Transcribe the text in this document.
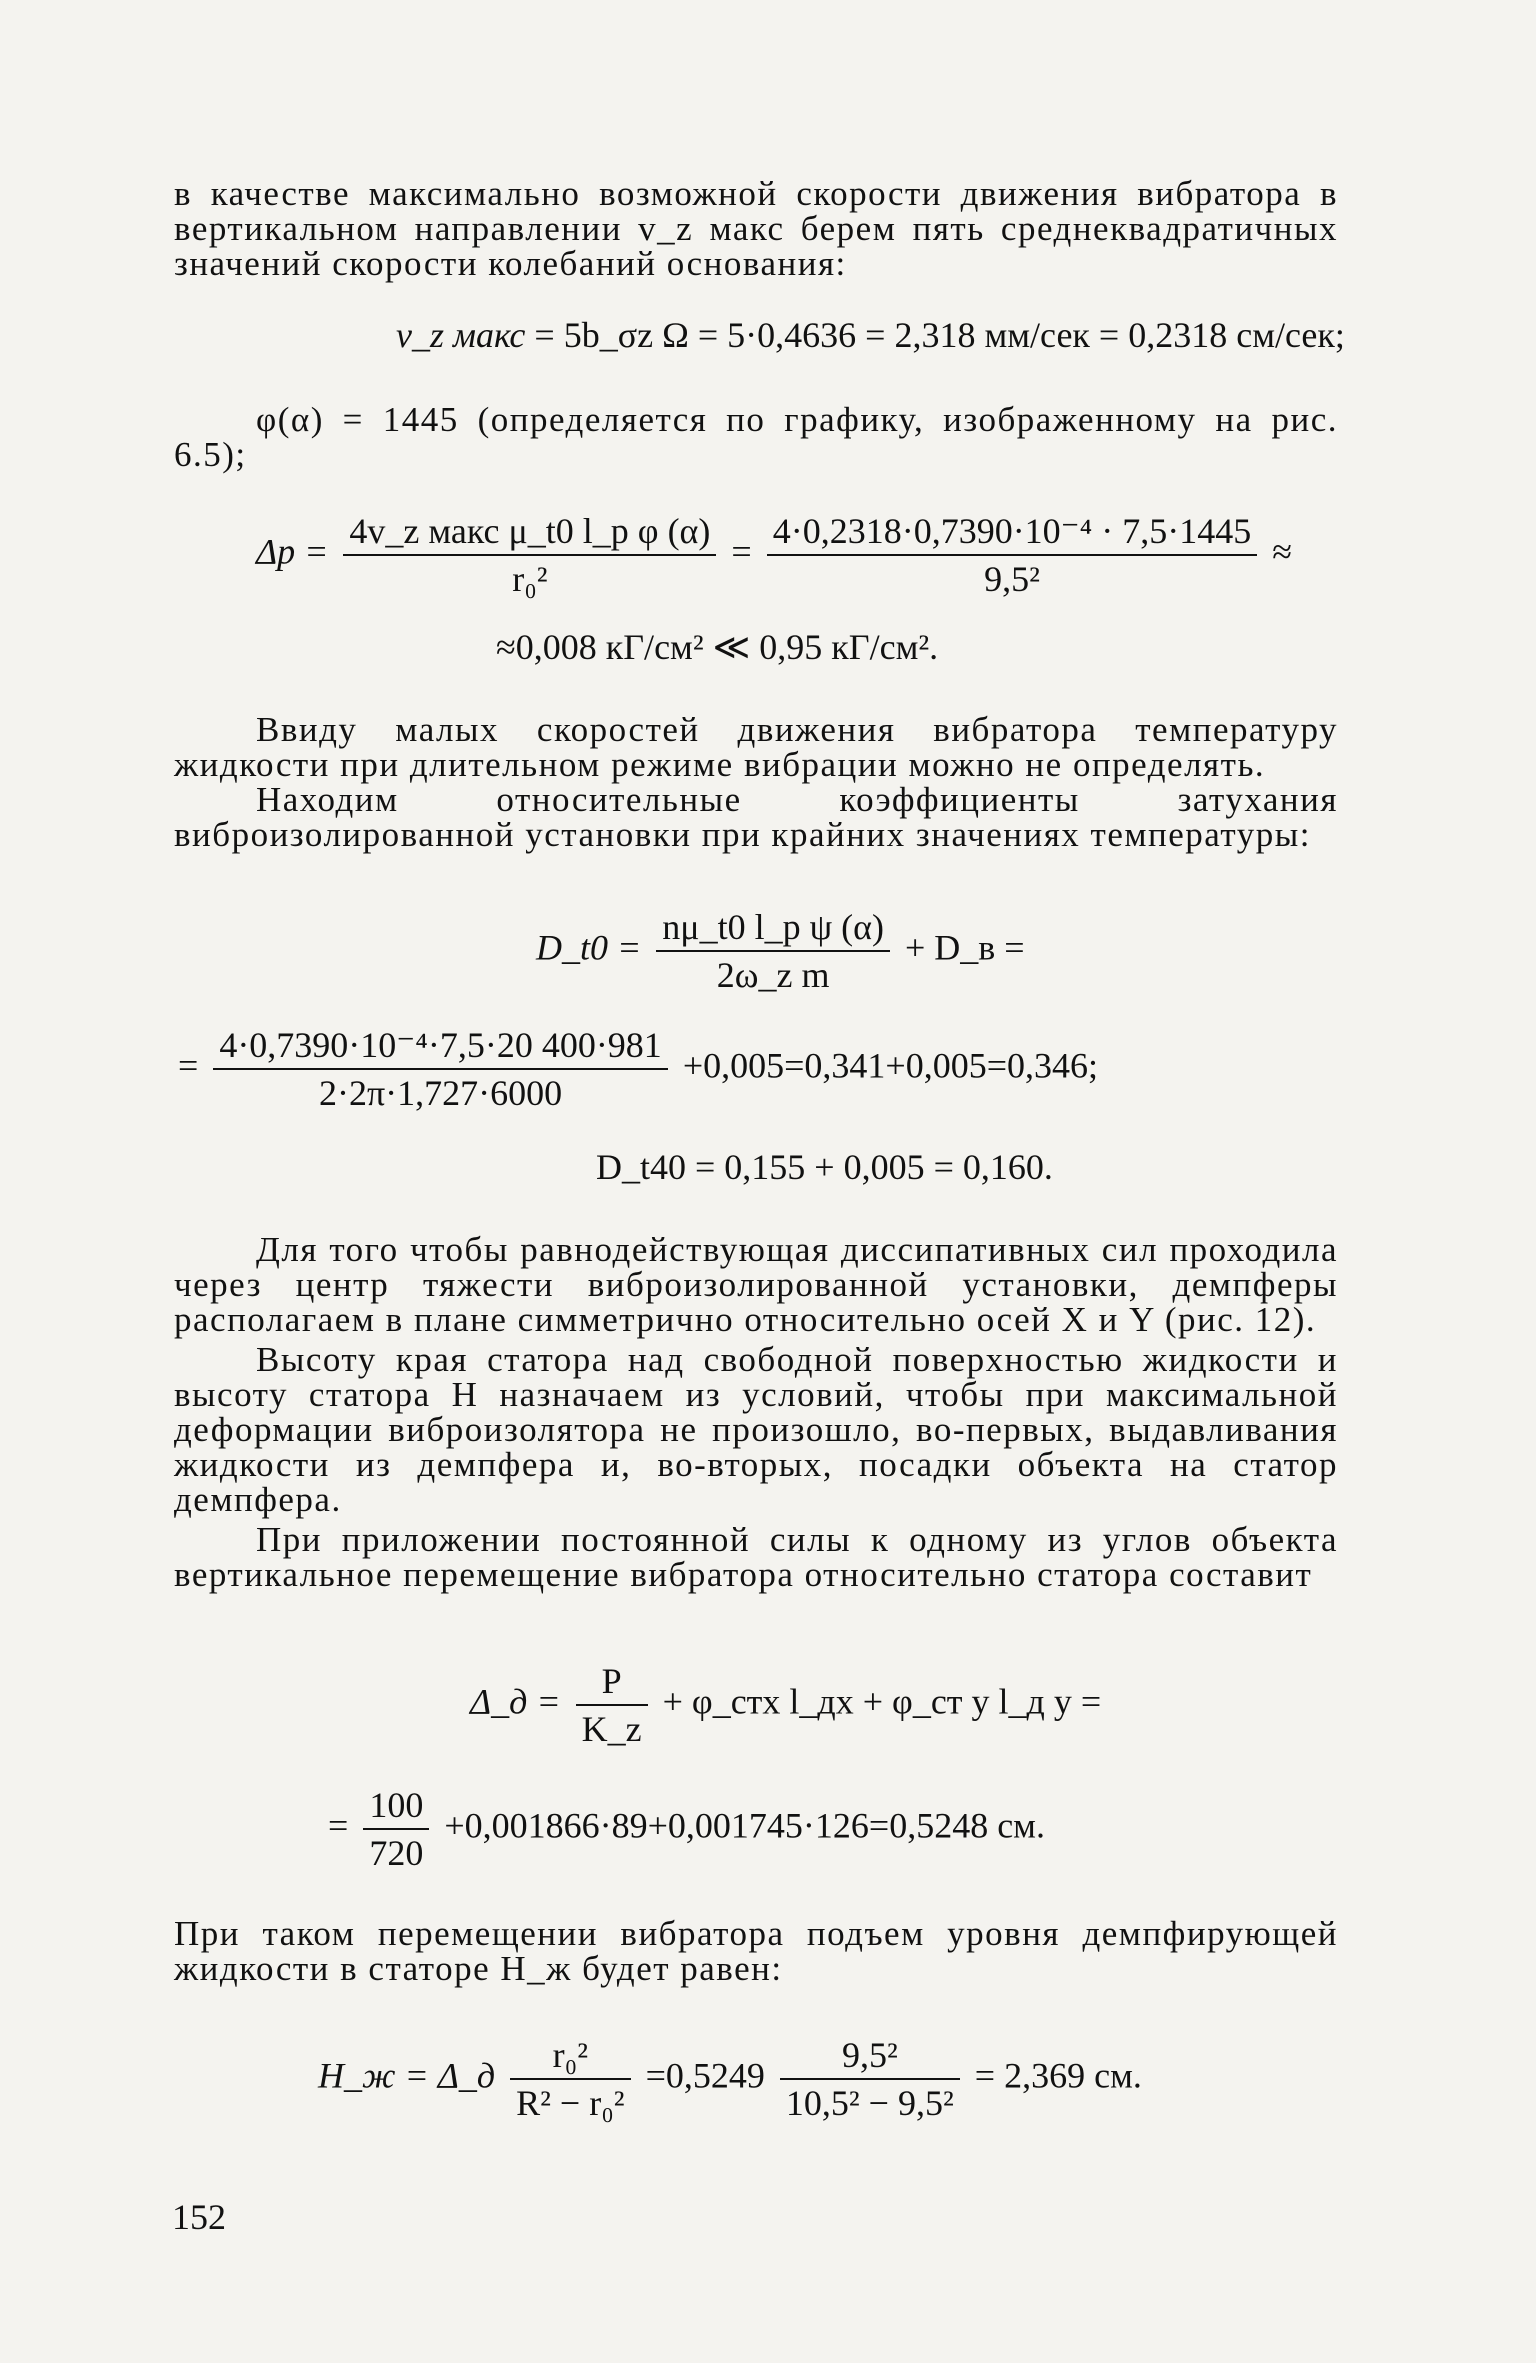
в качестве максимально возможной скорости движения вибратора в вертикальном направлении v_z макс берем пять среднеквадратичных значений скорости колебаний основания:
v_z макс = 5b_σz Ω = 5·0,4636 = 2,318 мм/сек = 0,2318 см/сек;
φ(α) = 1445 (определяется по графику, изображенному на рис. 6.5);
$\Delta p = \frac{\text{4v\_z макс μ\_t0 l\_p φ (α)}}{\text{r₀²}} = \frac{\text{4·0,2318·0,7390·10⁻⁴ · 7,5·1445}}{\text{9,5²}}$ ≈
≈0,008 кГ/см² ≪ 0,95 кГ/см².
Ввиду малых скоростей движения вибратора температуру жидкости при длительном режиме вибрации можно не определять.
Находим относительные коэффициенты затухания виброизолированной установки при крайних значениях температуры:
D_t0 = $\frac{\text{nμ\_t0 l\_p ψ (α)}}{\text{2ω\_z m}}$ + D_в =
= $\frac{\text{4·0,7390·10⁻⁴·7,5·20 400·981}}{2\cdot 2\pi\cdot 1,727\cdot 6000} +0,005=0,341+0,005=0,346$;
D_t40 = 0,155 + 0,005 = 0,160.
Для того чтобы равнодействующая диссипативных сил проходила через центр тяжести виброизолированной установки, демпферы располагаем в плане симметрично относительно осей X и Y (рис. 12).
Высоту края статора над свободной поверхностью жидкости и высоту статора H назначаем из условий, чтобы при максимальной деформации виброизолятора не произошло, во-первых, выдавливания жидкости из демпфера и, во-вторых, посадки объекта на статор демпфера.
При приложении постоянной силы к одному из углов объекта вертикальное перемещение вибратора относительно статора составит
Δ_д = $\frac{P}{K\_z}$ + φ_стx l_дx + φ_ст y l_д y =
= $\frac{100}{720} +0,001866\cdot 89+0,001745\cdot 126=0,5248$ см.
При таком перемещении вибратора подъем уровня демпфирующей жидкости в статоре H_ж будет равен:
H_ж = Δ_д $\frac{\text{r₀²}}{\text{R² − r₀²}} =0,5249 \frac{\text{9,5²}}{\text{10,5² − 9,5²}} = 2,369$ см.
152
